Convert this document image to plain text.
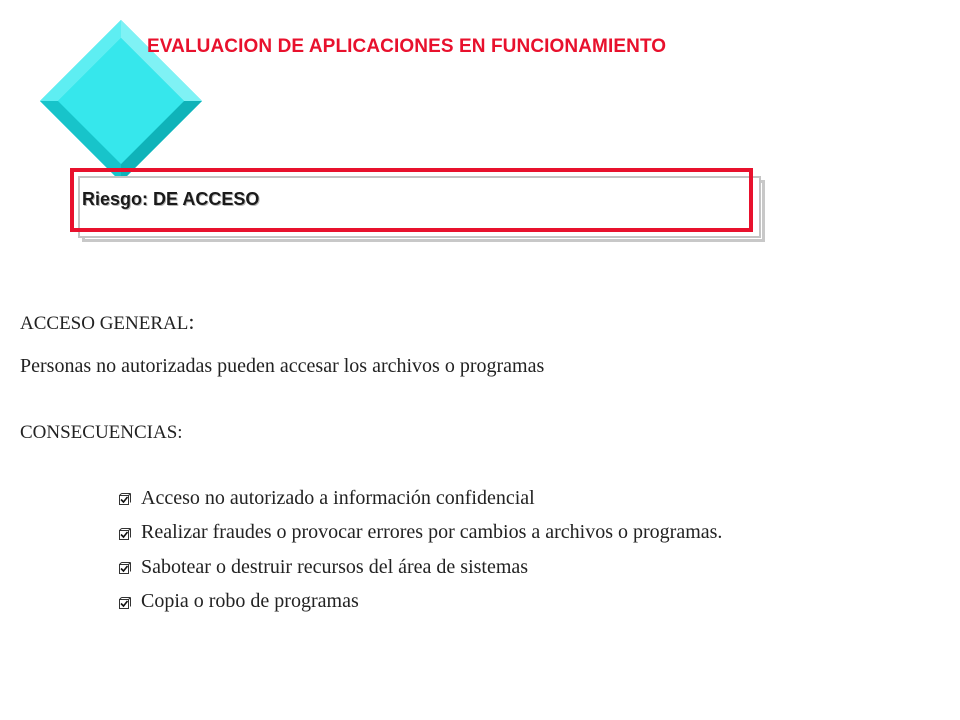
EVALUACION DE APLICACIONES EN FUNCIONAMIENTO
Riesgo: DE ACCESO
ACCESO GENERAL:
Personas no autorizadas pueden accesar los archivos o programas
CONSECUENCIAS:
Acceso no autorizado a información confidencial
Realizar fraudes o provocar errores por cambios a archivos o programas.
Sabotear o destruir recursos del área de sistemas
Copia o robo de programas
